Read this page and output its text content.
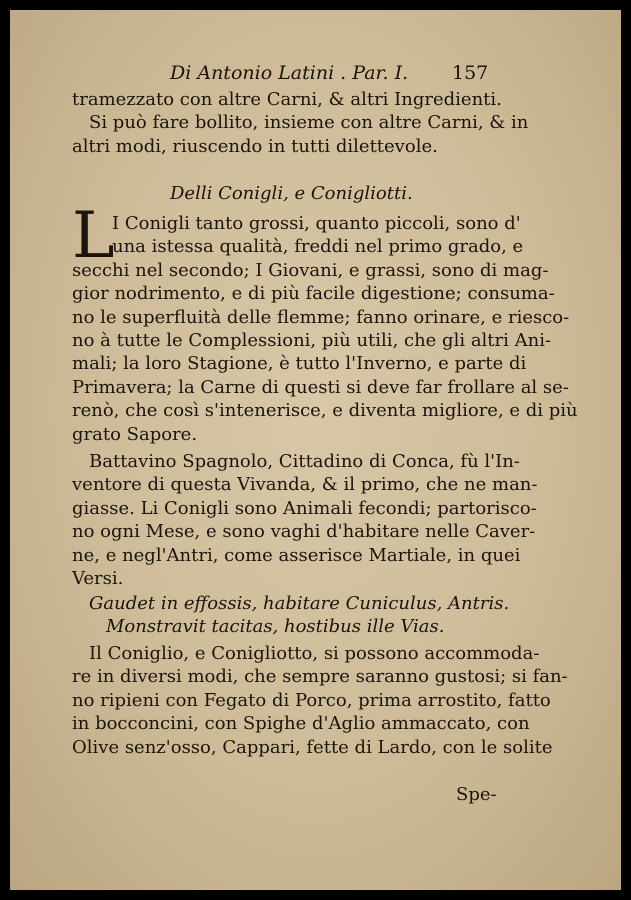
Di Antonio Latini . Par. I. 157
tramezzato con altre Carni, & altri Ingredienti.
Si può fare bollito, insieme con altre Carni, & in
altri modi, riuscendo in tutti dilettevole.
Delli Conigli, e Conigliotti.
L
I Conigli tanto grossi, quanto piccoli, sono d'
una istessa qualità, freddi nel primo grado, e
secchi nel secondo; I Giovani, e grassi, sono di mag-
gior nodrimento, e di più facile digestione; consuma-
no le superfluità delle flemme; fanno orinare, e riesco-
no à tutte le Complessioni, più utili, che gli altri Ani-
mali; la loro Stagione, è tutto l'Inverno, e parte di
Primavera; la Carne di questi si deve far frollare al se-
renò, che così s'intenerisce, e diventa migliore, e di più
grato Sapore.
Battavino Spagnolo, Cittadino di Conca, fù l'In-
ventore di questa Vivanda, & il primo, che ne man-
giasse. Li Conigli sono Animali fecondi; partorisco-
no ogni Mese, e sono vaghi d'habitare nelle Caver-
ne, e negl'Antri, come asserisce Martiale, in quei
Versi.
Gaudet in effossis, habitare Cuniculus, Antris.
Monstravit tacitas, hostibus ille Vias.
Il Coniglio, e Conigliotto, si possono accommoda-
re in diversi modi, che sempre saranno gustosi; si fan-
no ripieni con Fegato di Porco, prima arrostito, fatto
in bocconcini, con Spighe d'Aglio ammaccato, con
Olive senz'osso, Cappari, fette di Lardo, con le solite
Spe-
